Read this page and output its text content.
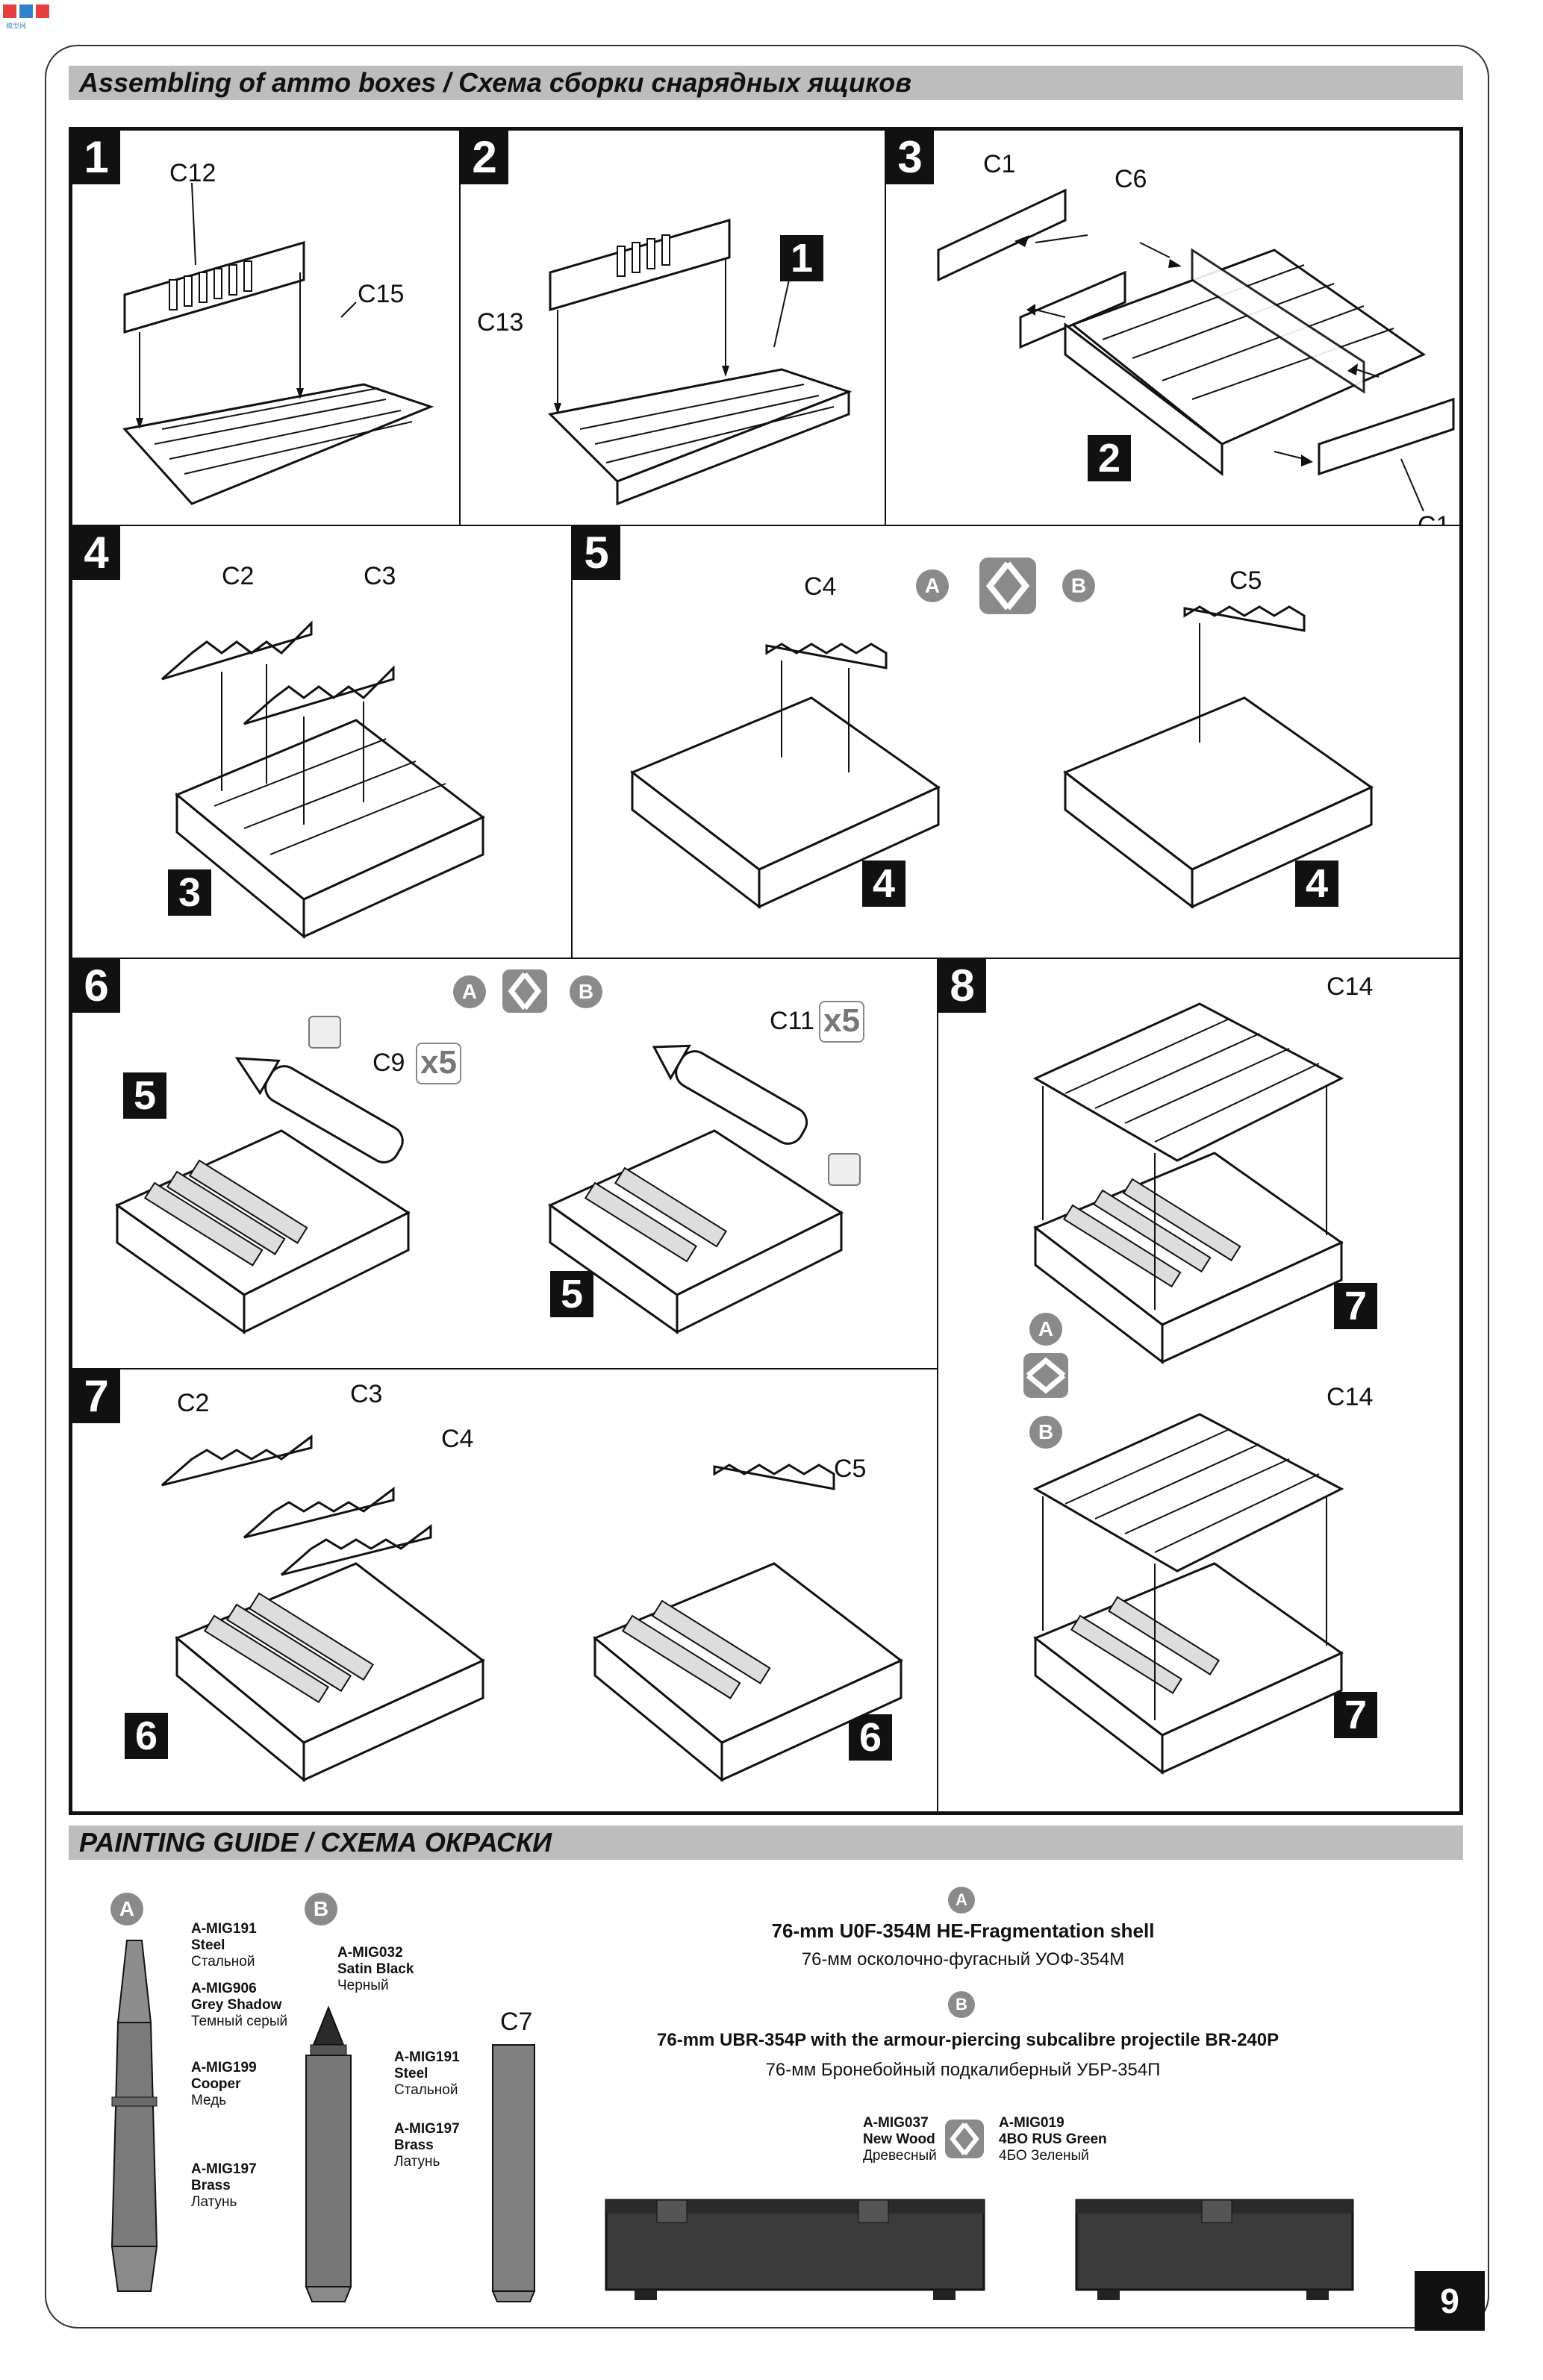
模型网
Assembling of ammo boxes / Схема сборки снарядных ящиков
1	C12
C15
2
C13
1
3	C1
C6
2
4	C2	C3
3
5
C4	C5
A	B
4	4
6	A	B
C9 x5
C11 x5
5
5
7	C2	C3
C4
C5
6	6
8	C14
C14
A
B
7
7
PAINTING GUIDE / СХЕМА ОКРАСКИ
A
A-MIG191
Steel
Стальной
A-MIG906
Grey Shadow
Темный серый
A-MIG199
Cooper
Медь
A-MIG197
Brass
Латунь
B
A-MIG032
Satin Black
Черный
A-MIG191
Steel
Стальной
A-MIG197
Brass
Латунь
C7
A
76-mm U0F-354M HE-Fragmentation shell
76-мм осколочно-фугасный УОФ-354М
B
76-mm UBR-354P with the armour-piercing subcalibre projectile BR-240P
76-мм Бронебойный подкалиберный УБР-354П
A-MIG037
New Wood
Древесный
A-MIG019
4BO RUS Green
4БО Зеленый
9
